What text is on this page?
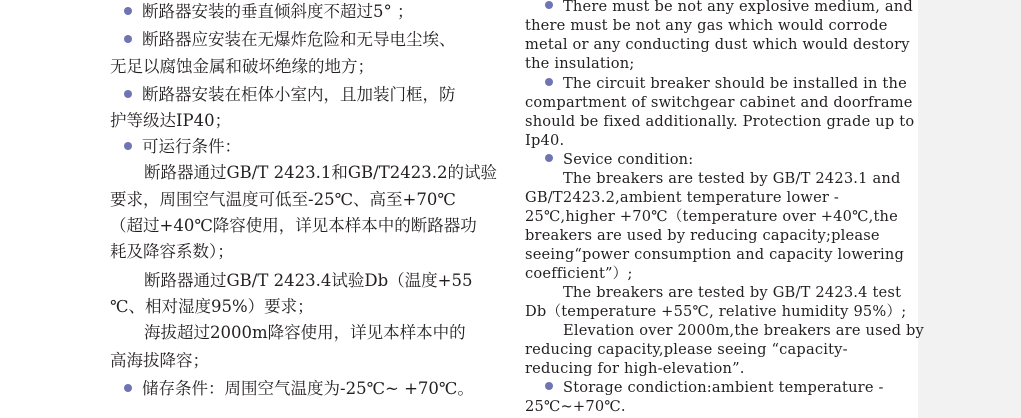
断路器安装的垂直倾斜度不超过5° ；
断路器应安装在无爆炸危险和无导电尘埃、
无足以腐蚀金属和破坏绝缘的地方；
断路器安装在柜体小室内，且加装门框，防
护等级达IP40；
可运行条件：
断路器通过GB/T 2423.1和GB/T2423.2的试验
要求，周围空气温度可低至-25℃、高至+70℃
（超过+40℃降容使用，详见本样本中的断路器功
耗及降容系数）；
断路器通过GB/T 2423.4试验Db（温度+55
℃、相对湿度95%）要求；
海拔超过2000m降容使用，详见本样本中的
高海拔降容；
储存条件：周围空气温度为-25℃~ +70℃。
There must be not any explosive medium, and
there must be not any gas which would corrode
metal or any conducting dust which would destory
the insulation;
The circuit breaker should be installed in the
compartment of switchgear cabinet and doorframe
should be fixed additionally. Protection grade up to
Ip40.
Sevice condition:
The breakers are tested by GB/T 2423.1 and
GB/T2423.2,ambient temperature lower -
25℃,higher +70℃（temperature over +40℃,the
breakers are used by reducing capacity;please
seeing“power consumption and capacity lowering
coefficient”）;
The breakers are tested by GB/T 2423.4 test
Db（temperature +55℃, relative humidity 95%）;
Elevation over 2000m,the breakers are used by
reducing capacity,please seeing “capacity-
reducing for high-elevation”.
Storage condiction:ambient temperature -
25℃~+70℃.
